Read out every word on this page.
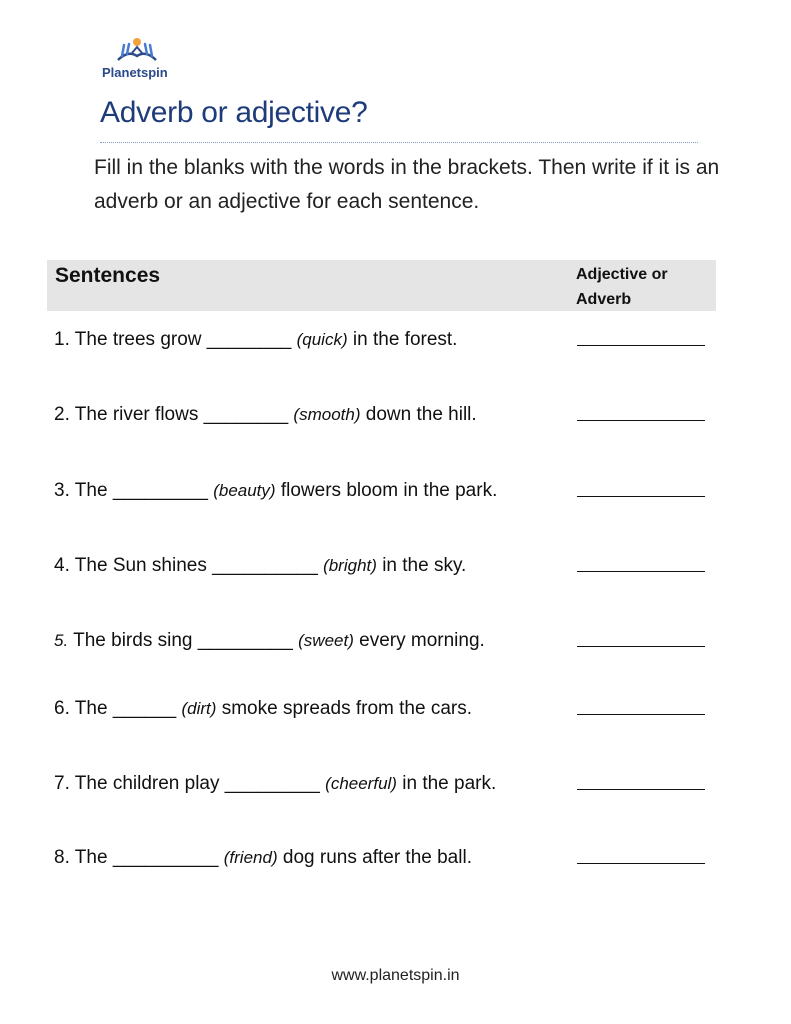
Planetspin
Adverb or adjective?
Fill in the blanks with the words in the brackets. Then write if it is an adverb or an adjective for each sentence.
Sentences	Adjective or Adverb
1. The trees grow ________ (quick) in the forest.
2. The river flows ________ (smooth) down the hill.
3. The _________ (beauty) flowers bloom in the park.
4. The Sun shines __________ (bright) in the sky.
5. The birds sing _________ (sweet) every morning.
6. The ______ (dirt) smoke spreads from the cars.
7. The children play _________ (cheerful) in the park.
8. The __________ (friend) dog runs after the ball.
www.planetspin.in
